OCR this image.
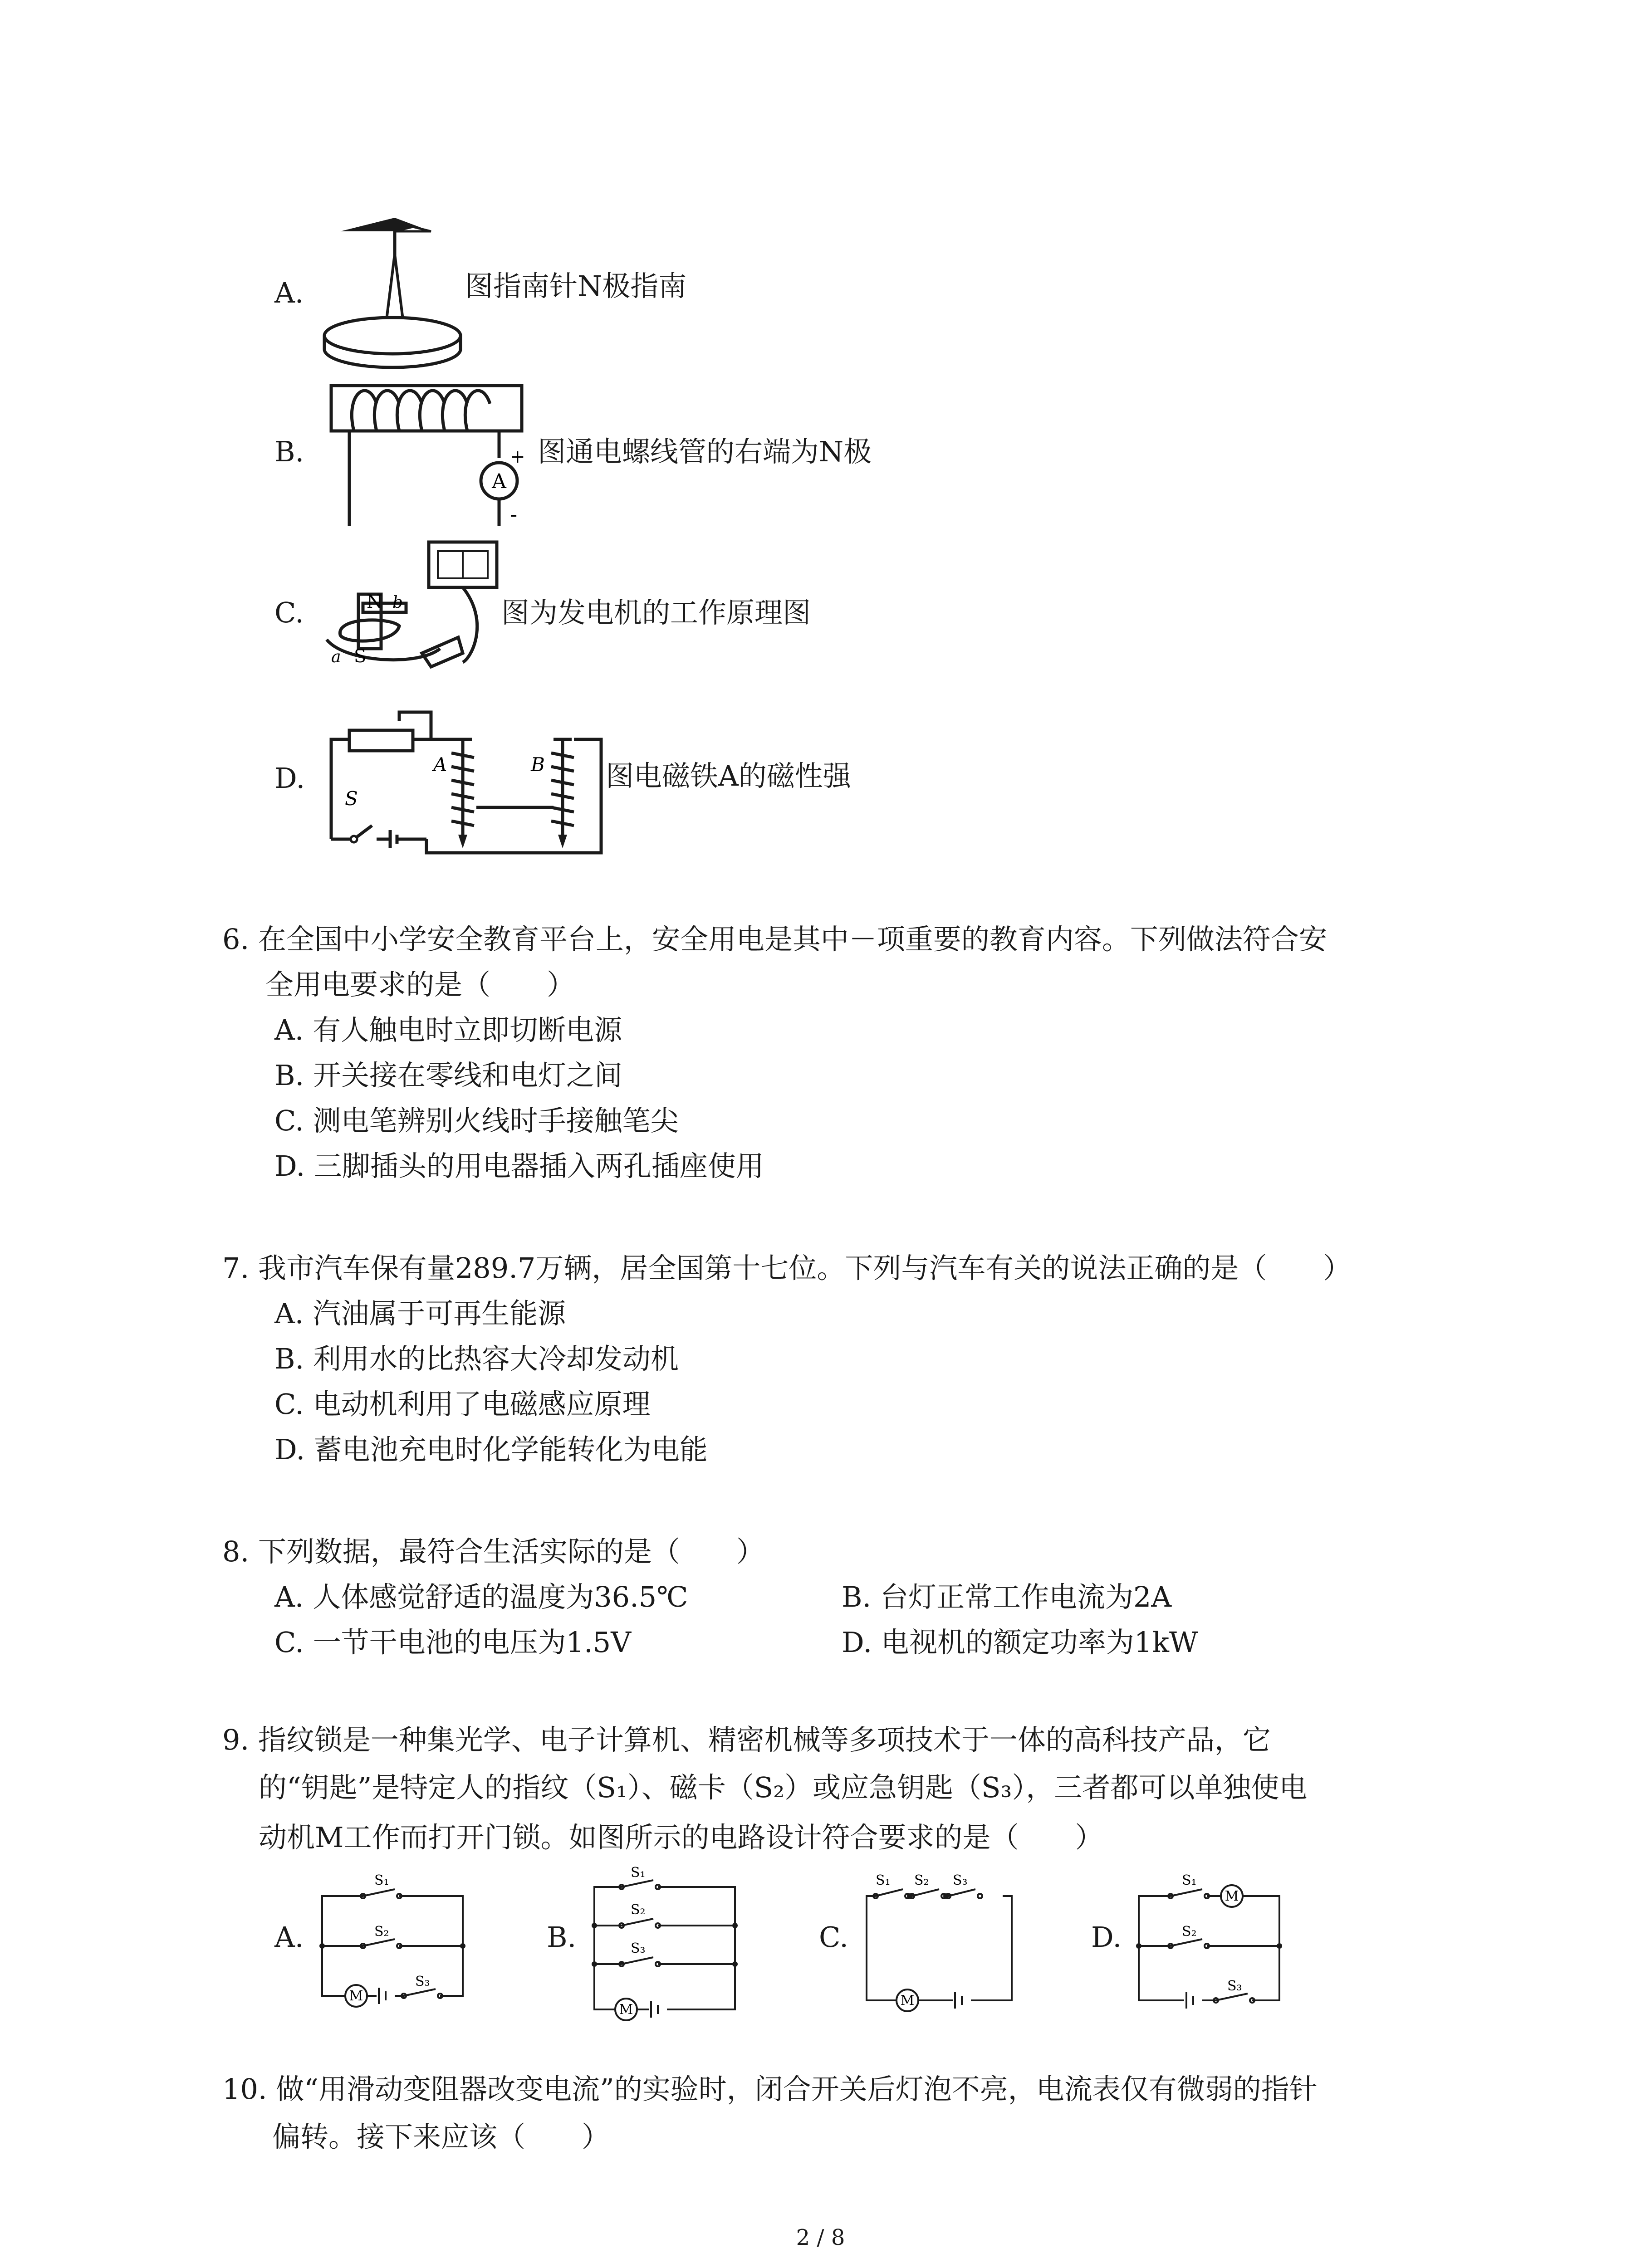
A.	图指南针N极指南
A
+
-
B.	图通电螺线管的右端为N极
N b
S
a
C.	图为发电机的工作原理图
S
A	B
D.	图电磁铁A的磁性强
6. 在全国中小学安全教育平台上，安全用电是其中－项重要的教育内容。下列做法符合安
全用电要求的是（　　）
A. 有人触电时立即切断电源
B. 开关接在零线和电灯之间
C. 测电笔辨别火线时手接触笔尖
D. 三脚插头的用电器插入两孔插座使用
7. 我市汽车保有量289.7万辆，居全国第十七位。下列与汽车有关的说法正确的是（　　）
A. 汽油属于可再生能源
B. 利用水的比热容大冷却发动机
C. 电动机利用了电磁感应原理
D. 蓄电池充电时化学能转化为电能
8. 下列数据，最符合生活实际的是（　　）
A. 人体感觉舒适的温度为36.5℃	B. 台灯正常工作电流为2A
C. 一节干电池的电压为1.5V	D. 电视机的额定功率为1kW
9. 指纹锁是一种集光学、电子计算机、精密机械等多项技术于一体的高科技产品，它
的“钥匙”是特定人的指纹（S₁）、磁卡（S₂）或应急钥匙（S₃），三者都可以单独使电
动机M工作而打开门锁。如图所示的电路设计符合要求的是（　　）
A.
M
S₁
S₂
S₃
B.
M
S₁
S₂
S₃	C.
M
S₁ S₂ S₃
D.
M
S₁
S₂
S₃
10. 做“用滑动变阻器改变电流”的实验时，闭合开关后灯泡不亮，电流表仅有微弱的指针
偏转。接下来应该（　　）
2 / 8
